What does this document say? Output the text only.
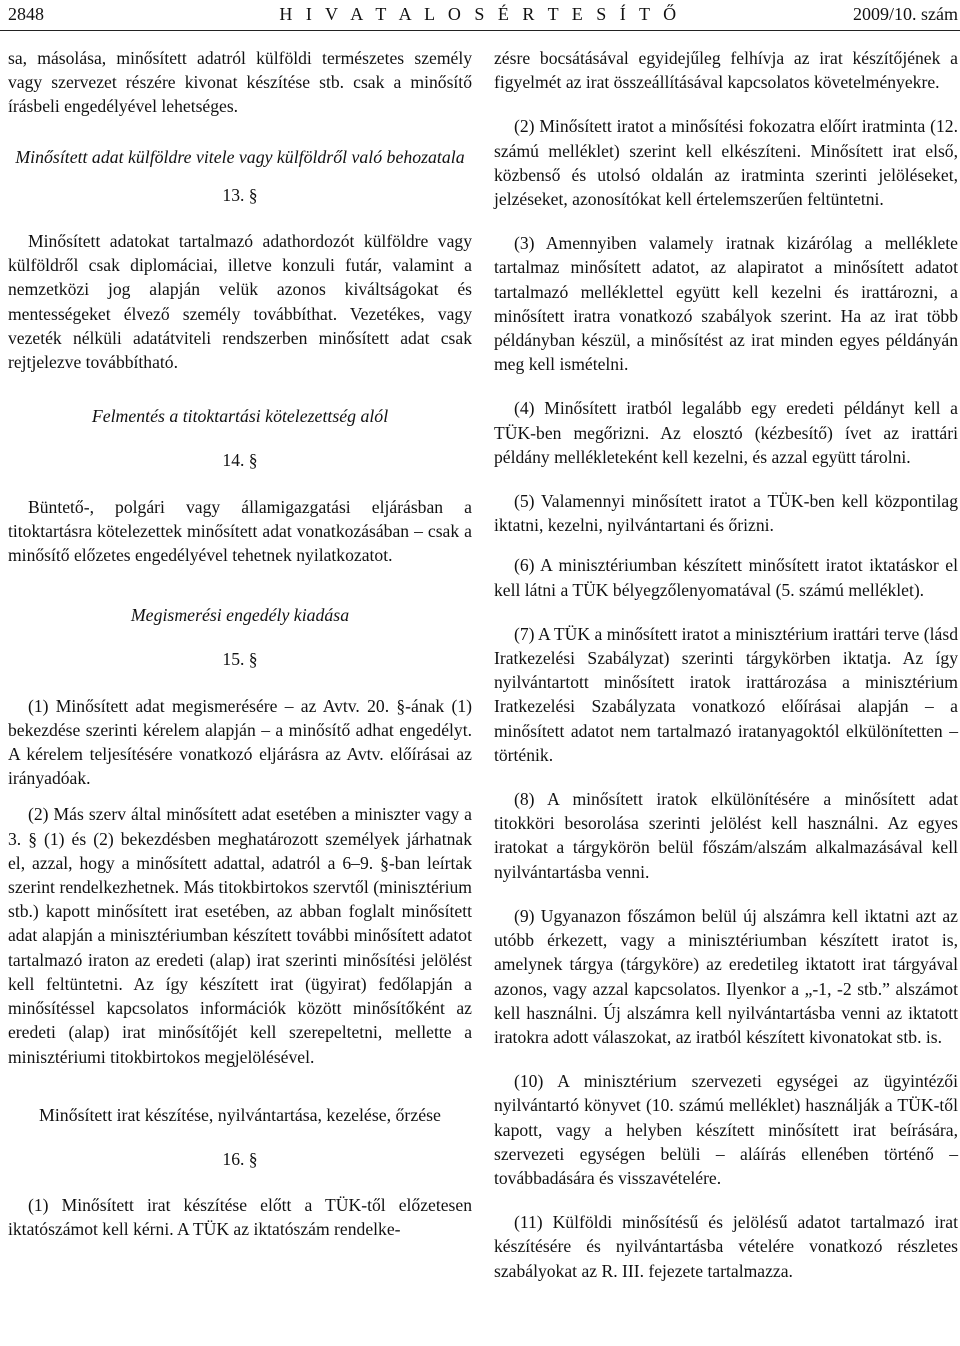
2848	H I V A T A L O S É R T E S Í T Ő	2009/10. szám

sa, másolása, minősített adatról külföldi természetes személy vagy szervezet részére kivonat készítése stb. csak a minősítő írásbeli engedélyével lehetséges.

Minősített adat külföldre vitele vagy külföldről való behozatala
13. §

Minősített adatokat tartalmazó adathordozót külföldre vagy külföldről csak diplomáciai, illetve konzuli futár, valamint a nemzetközi jog alapján velük azonos kiváltságokat és mentességeket élvező személy továbbíthat. Vezetékes, vagy vezeték nélküli adatátviteli rendszerben minősített adat csak rejtjelezve továbbítható.

Felmentés a titoktartási kötelezettség alól
14. §

Büntető-, polgári vagy államigazgatási eljárásban a titoktartásra kötelezettek minősített adat vonatkozásában – csak a minősítő előzetes engedélyével tehetnek nyilatkozatot.

Megismerési engedély kiadása
15. §

(1) Minősített adat megismerésére – az Avtv. 20. §-ának (1) bekezdése szerinti kérelem alapján – a minősítő adhat engedélyt. A kérelem teljesítésére vonatkozó eljárásra az Avtv. előírásai az irányadóak.

(2) Más szerv által minősített adat esetében a miniszter vagy a 3. § (1) és (2) bekezdésben meghatározott személyek járhatnak el, azzal, hogy a minősített adattal, adatról a 6–9. §-ban leírtak szerint rendelkezhetnek. Más titokbirtokos szervtől (minisztérium stb.) kapott minősített irat esetében, az abban foglalt minősített adat alapján a minisztériumban készített további minősített adatot tartalmazó iraton az eredeti (alap) irat szerinti minősítési jelölést kell feltüntetni. Az így készített irat (ügyirat) fedőlapján a minősítéssel kapcsolatos információk között minősítőként az eredeti (alap) irat minősítőjét kell szerepeltetni, mellette a minisztériumi titokbirtokos megjelölésével.

Minősített irat készítése, nyilvántartása, kezelése, őrzése
16. §

(1) Minősített irat készítése előtt a TÜK-től előzetesen iktatószámot kell kérni. A TÜK az iktatószám rendelke-

zésre bocsátásával egyidejűleg felhívja az irat készítőjének a figyelmét az irat összeállításával kapcsolatos követelményekre.

(2) Minősített iratot a minősítési fokozatra előírt iratminta (12. számú melléklet) szerint kell elkészíteni. Minősített irat első, közbenső és utolsó oldalán az iratminta szerinti jelöléseket, jelzéseket, azonosítókat kell értelemszerűen feltüntetni.

(3) Amennyiben valamely iratnak kizárólag a melléklete tartalmaz minősített adatot, az alapiratot a minősített adatot tartalmazó melléklettel együtt kell kezelni és irattározni, a minősített iratra vonatkozó szabályok szerint. Ha az irat több példányban készül, a minősítést az irat minden egyes példányán meg kell ismételni.

(4) Minősített iratból legalább egy eredeti példányt kell a TÜK-ben megőrizni. Az elosztó (kézbesítő) ívet az irattári példány mellékleteként kell kezelni, és azzal együtt tárolni.

(5) Valamennyi minősített iratot a TÜK-ben kell központilag iktatni, kezelni, nyilvántartani és őrizni.

(6) A minisztériumban készített minősített iratot iktatáskor el kell látni a TÜK bélyegzőlenyomatával (5. számú melléklet).

(7) A TÜK a minősített iratot a minisztérium irattári terve (lásd Iratkezelési Szabályzat) szerinti tárgykörben iktatja. Az így nyilvántartott minősített iratok irattározása a minisztérium Iratkezelési Szabályzata vonatkozó előírásai alapján – a minősített adatot nem tartalmazó iratanyagoktól elkülönítetten – történik.

(8) A minősített iratok elkülönítésére a minősített adat titokköri besorolása szerinti jelölést kell használni. Az egyes iratokat a tárgykörön belül főszám/alszám alkalmazásával kell nyilvántartásba venni.

(9) Ugyanazon főszámon belül új alszámra kell iktatni azt az utóbb érkezett, vagy a minisztériumban készített iratot is, amelynek tárgya (tárgyköre) az eredetileg iktatott irat tárgyával azonos, vagy azzal kapcsolatos. Ilyenkor a „-1, -2 stb.” alszámot kell használni. Új alszámra kell nyilvántartásba venni az iktatott iratokra adott válaszokat, az iratból készített kivonatokat stb. is.

(10) A minisztérium szervezeti egységei az ügyintézői nyilvántartó könyvet (10. számú melléklet) használják a TÜK-től kapott, vagy a helyben készített minősített irat beírására, szervezeti egységen belüli – aláírás ellenében történő – továbbadására és visszavételére.

(11) Külföldi minősítésű és jelölésű adatot tartalmazó irat készítésére és nyilvántartásba vételére vonatkozó részletes szabályokat az R. III. fejezete tartalmazza.
